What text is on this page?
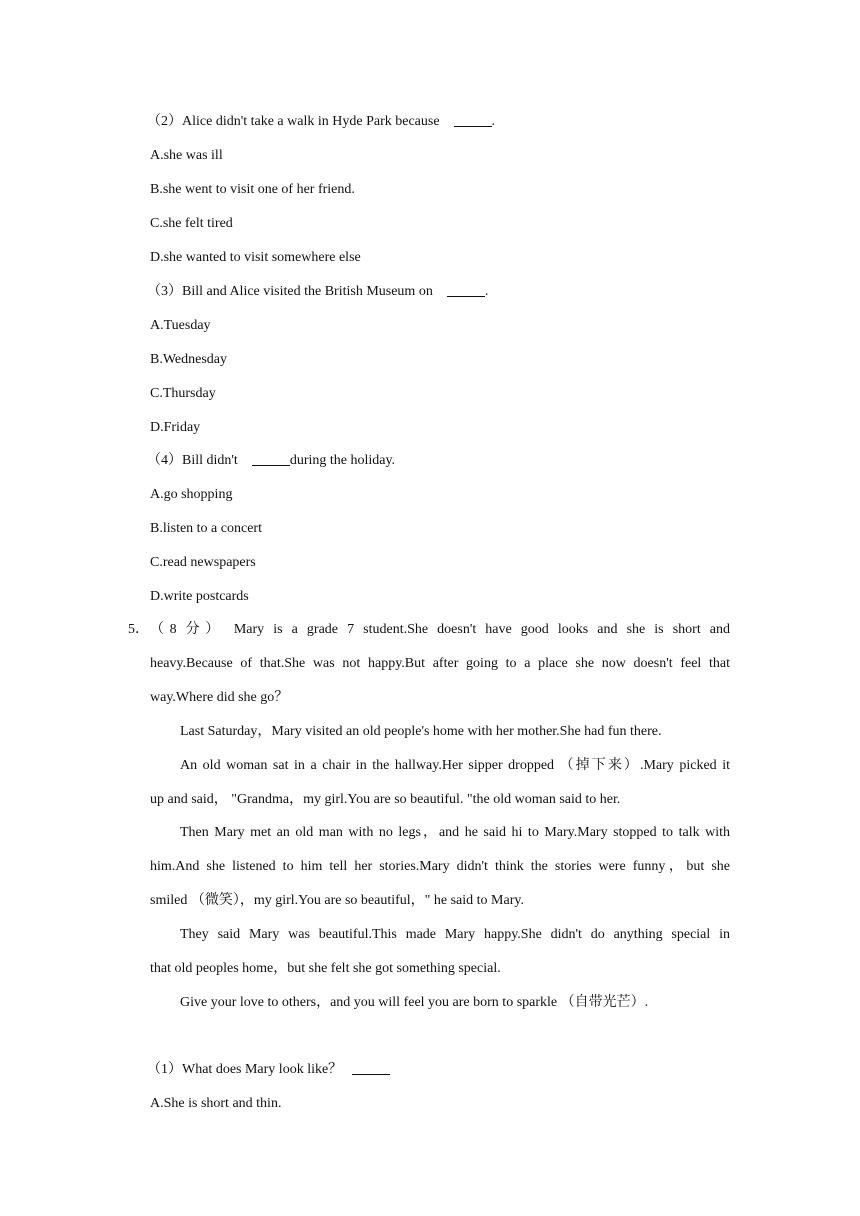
（2）Alice didn't take a walk in Hyde Park because	.
A.she was ill
B.she went to visit one of her friend.
C.she felt tired
D.she wanted to visit somewhere else
（3）Bill and Alice visited the British Museum on	.
A.Tuesday
B.Wednesday
C.Thursday
D.Friday
（4）Bill didn't	during the holiday.
A.go shopping
B.listen to a concert
C.read newspapers
D.write postcards
5． （8 分） Mary is a grade 7 student.She doesn't have good looks and she is short and
heavy.Because of that.She was not happy.But after going to a place she now doesn't feel that
way.Where did she go？
Last Saturday，Mary visited an old people's home with her mother.She had fun there.
An old woman sat in a chair in the hallway.Her sipper dropped （掉下来）.Mary picked it
up and said， "Grandma，my girl.You are so beautiful. "the old woman said to her.
Then Mary met an old man with no legs，and he said hi to Mary.Mary stopped to talk with
him.And she listened to him tell her stories.Mary didn't think the stories were funny，but she
smiled （微笑），my girl.You are so beautiful，" he said to Mary.
They said Mary was beautiful.This made Mary happy.She didn't do anything special in
that old peoples home，but she felt she got something special.
Give your love to others，and you will feel you are born to sparkle （自带光芒）.
（1）What does Mary look like？
A.She is short and thin.
